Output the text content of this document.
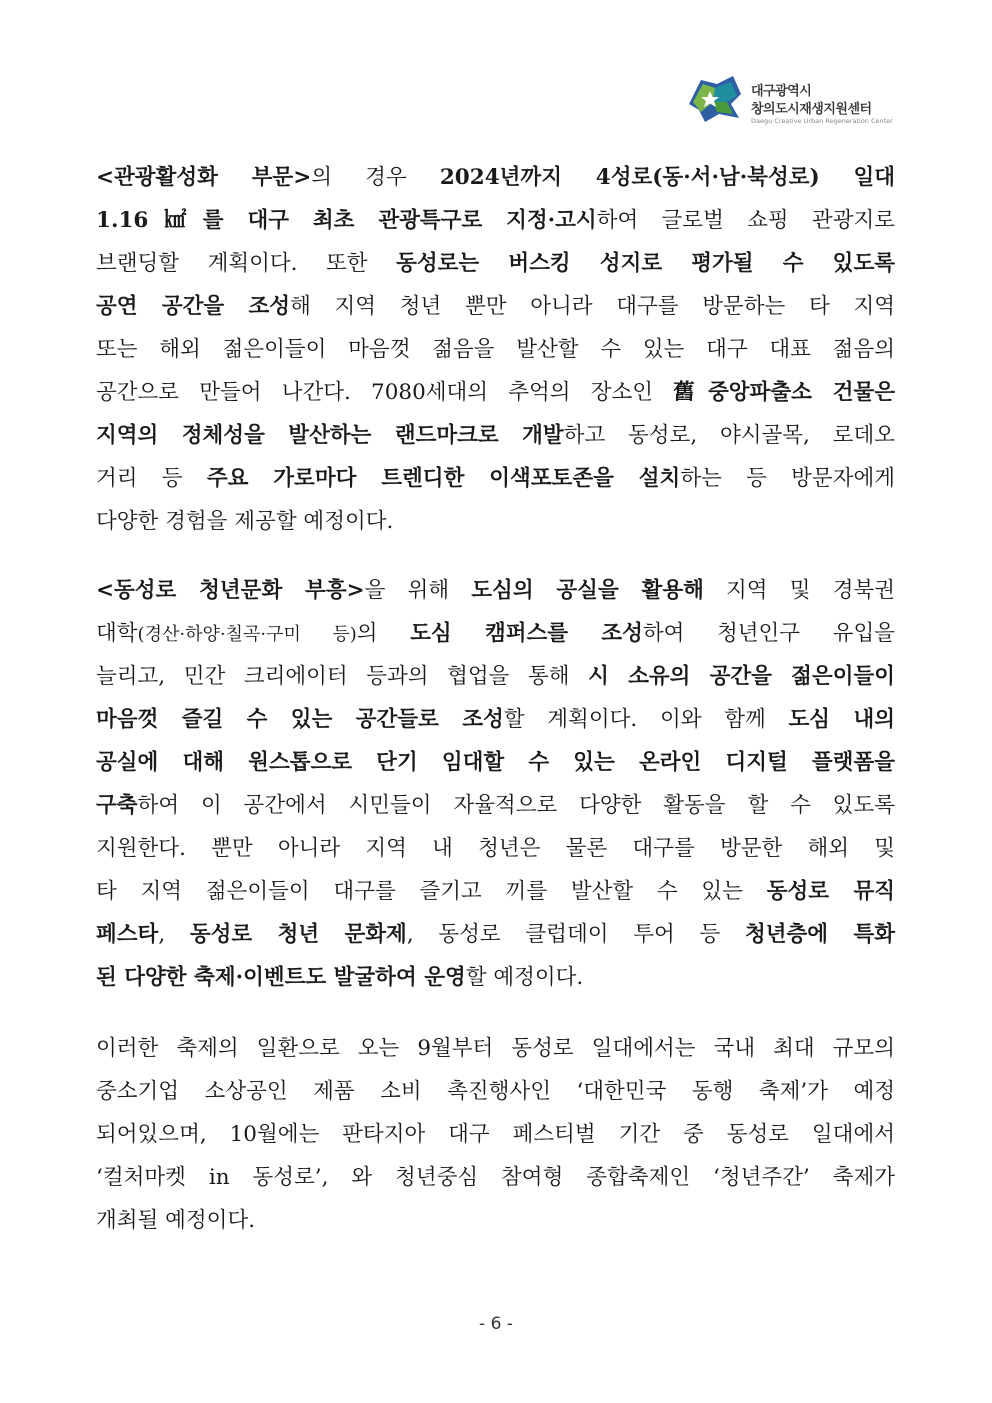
대구광역시
창의도시재생지원센터
Daegu Creative Urban Regeneration Center
<관광활성화 부문>의 경우 2024년까지 4성로(동·서·남·북성로) 일대
1.16㎢를 대구 최초 관광특구로 지정·고시하여 글로벌 쇼핑 관광지로
브랜딩할 계획이다. 또한 동성로는 버스킹 성지로 평가될 수 있도록
공연 공간을 조성해 지역 청년 뿐만 아니라 대구를 방문하는 타 지역
또는 해외 젊은이들이 마음껏 젊음을 발산할 수 있는 대구 대표 젊음의
공간으로 만들어 나간다. 7080세대의 추억의 장소인 舊중앙파출소 건물은
지역의 정체성을 발산하는 랜드마크로 개발하고 동성로, 야시골목, 로데오
거리 등 주요 가로마다 트렌디한 이색포토존을 설치하는 등 방문자에게
다양한 경험을 제공할 예정이다.
<동성로 청년문화 부흥>을 위해 도심의 공실을 활용해 지역 및 경북권
대학(경산·하양·칠곡·구미 등)의 도심 캠퍼스를 조성하여 청년인구 유입을
늘리고, 민간 크리에이터 등과의 협업을 통해 시 소유의 공간을 젊은이들이
마음껏 즐길 수 있는 공간들로 조성할 계획이다. 이와 함께 도심 내의
공실에 대해 원스톱으로 단기 임대할 수 있는 온라인 디지털 플랫폼을
구축하여 이 공간에서 시민들이 자율적으로 다양한 활동을 할 수 있도록
지원한다. 뿐만 아니라 지역 내 청년은 물론 대구를 방문한 해외 및
타 지역 젊은이들이 대구를 즐기고 끼를 발산할 수 있는 동성로 뮤직
페스타, 동성로 청년 문화제, 동성로 클럽데이 투어 등 청년층에 특화
된 다양한 축제·이벤트도 발굴하여 운영할 예정이다.
이러한 축제의 일환으로 오는 9월부터 동성로 일대에서는 국내 최대 규모의
중소기업 소상공인 제품 소비 촉진행사인 ‘대한민국 동행 축제’가 예정
되어있으며, 10월에는 판타지아 대구 페스티벌 기간 중 동성로 일대에서
‘컬처마켓 in 동성로’, 와 청년중심 참여형 종합축제인 ‘청년주간’ 축제가
개최될 예정이다.
- 6 -
